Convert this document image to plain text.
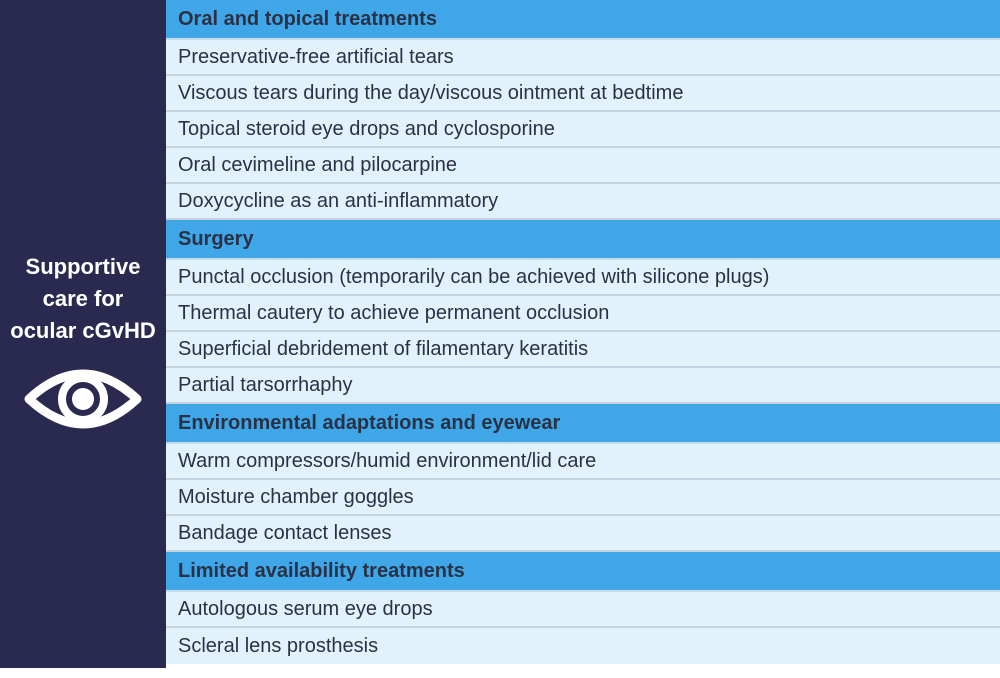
Supportive
care for
ocular cGvHD
Oral and topical treatments
Preservative-free artificial tears
Viscous tears during the day/viscous ointment at bedtime
Topical steroid eye drops and cyclosporine
Oral cevimeline and pilocarpine
Doxycycline as an anti-inflammatory
Surgery
Punctal occlusion (temporarily can be achieved with silicone plugs)
Thermal cautery to achieve permanent occlusion
Superficial debridement of filamentary keratitis
Partial tarsorrhaphy
Environmental adaptations and eyewear
Warm compressors/humid environment/lid care
Moisture chamber goggles
Bandage contact lenses
Limited availability treatments
Autologous serum eye drops
Scleral lens prosthesis
